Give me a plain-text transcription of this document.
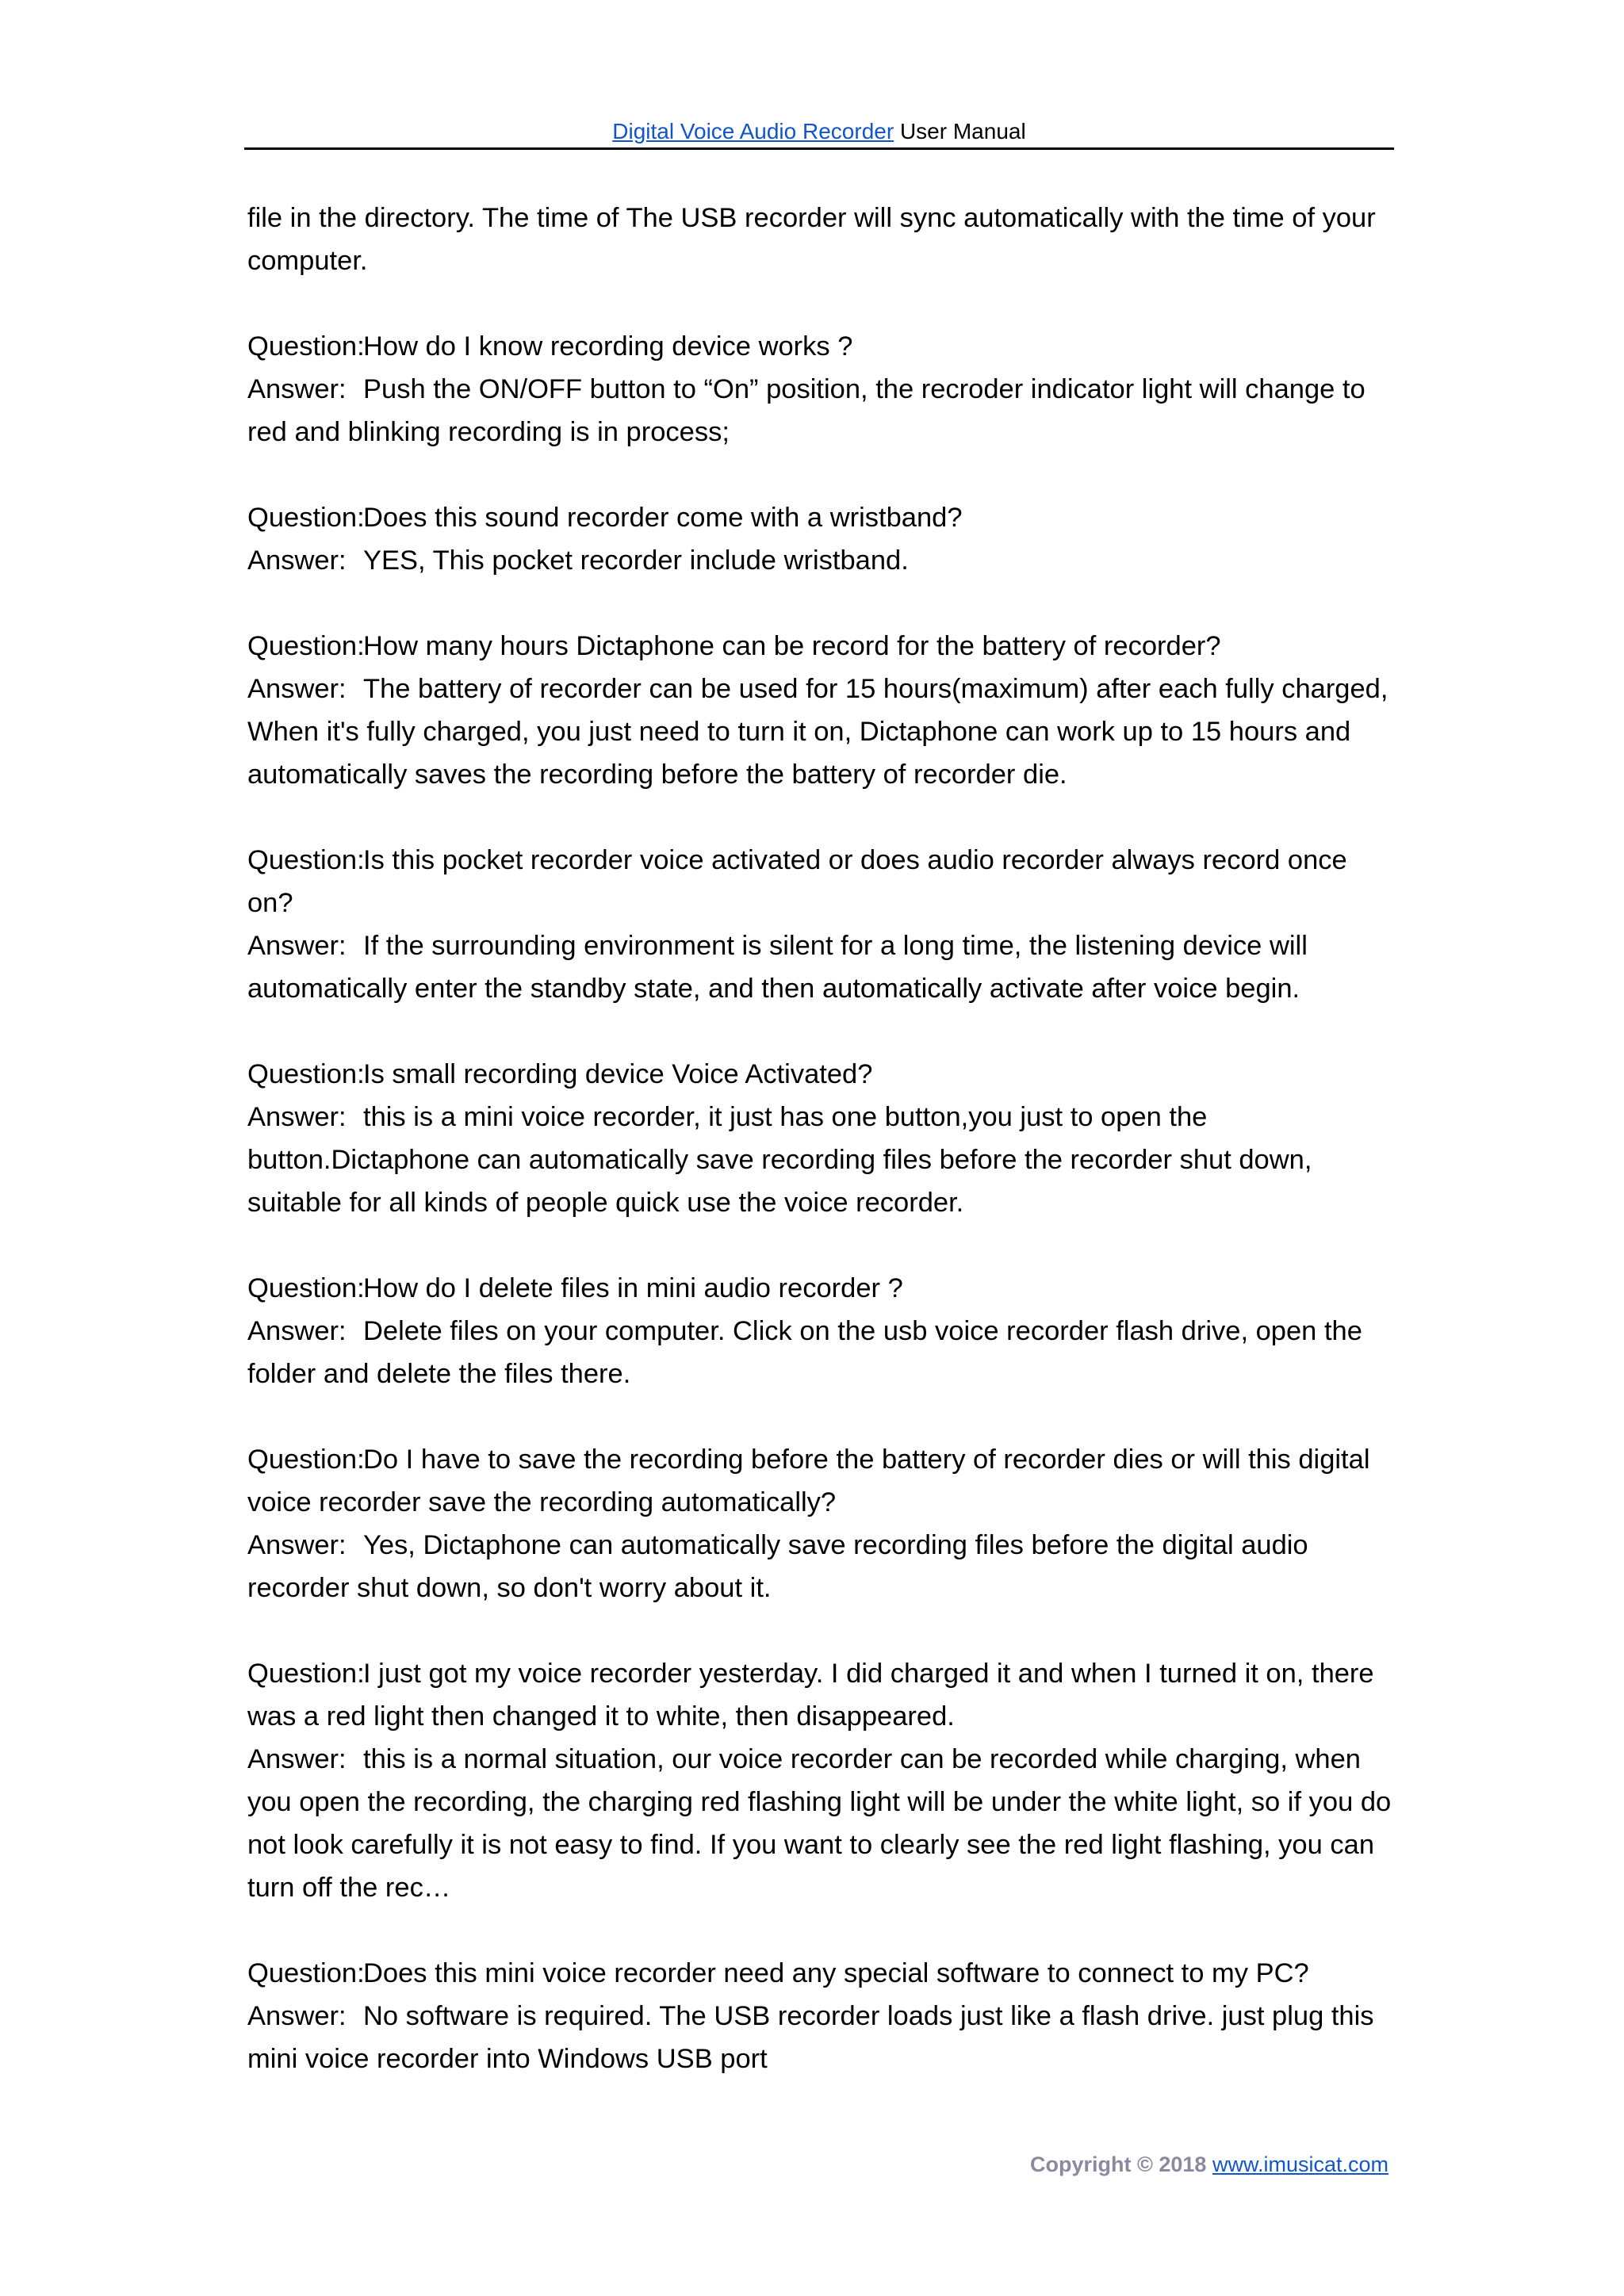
Digital Voice Audio Recorder User Manual

file in the directory. The time of The USB recorder will sync automatically with the time of your computer.

Question:How do I know recording device works ?

Answer: Push the ON/OFF button to “On” position, the recroder indicator light will change to red and blinking recording is in process;

Question:Does this sound recorder come with a wristband?

Answer: YES, This pocket recorder include wristband.

Question:How many hours Dictaphone can be record for the battery of recorder?

Answer: The battery of recorder can be used for 15 hours(maximum) after each fully charged, When it's fully charged, you just need to turn it on, Dictaphone can work up to 15 hours and automatically saves the recording before the battery of recorder die.

Question:Is this pocket recorder voice activated or does audio recorder always record once on?

Answer: If the surrounding environment is silent for a long time, the listening device will automatically enter the standby state, and then automatically activate after voice begin.

Question:Is small recording device Voice Activated?

Answer: this is a mini voice recorder, it just has one button,you just to open the button.Dictaphone can automatically save recording files before the recorder shut down, suitable for all kinds of people quick use the voice recorder.

Question:How do I delete files in mini audio recorder ?

Answer: Delete files on your computer. Click on the usb voice recorder flash drive, open the folder and delete the files there.

Question:Do I have to save the recording before the battery of recorder dies or will this digital voice recorder save the recording automatically?

Answer: Yes, Dictaphone can automatically save recording files before the digital audio recorder shut down, so don't worry about it.

Question:I just got my voice recorder yesterday. I did charged it and when I turned it on, there was a red light then changed it to white, then disappeared.

Answer: this is a normal situation, our voice recorder can be recorded while charging, when you open the recording, the charging red flashing light will be under the white light, so if you do not look carefully it is not easy to find. If you want to clearly see the red light flashing, you can turn off the rec…

Question:Does this mini voice recorder need any special software to connect to my PC?

Answer: No software is required. The USB recorder loads just like a flash drive. just plug this mini voice recorder into Windows USB port

Copyright © 2018 www.imusicat.com
